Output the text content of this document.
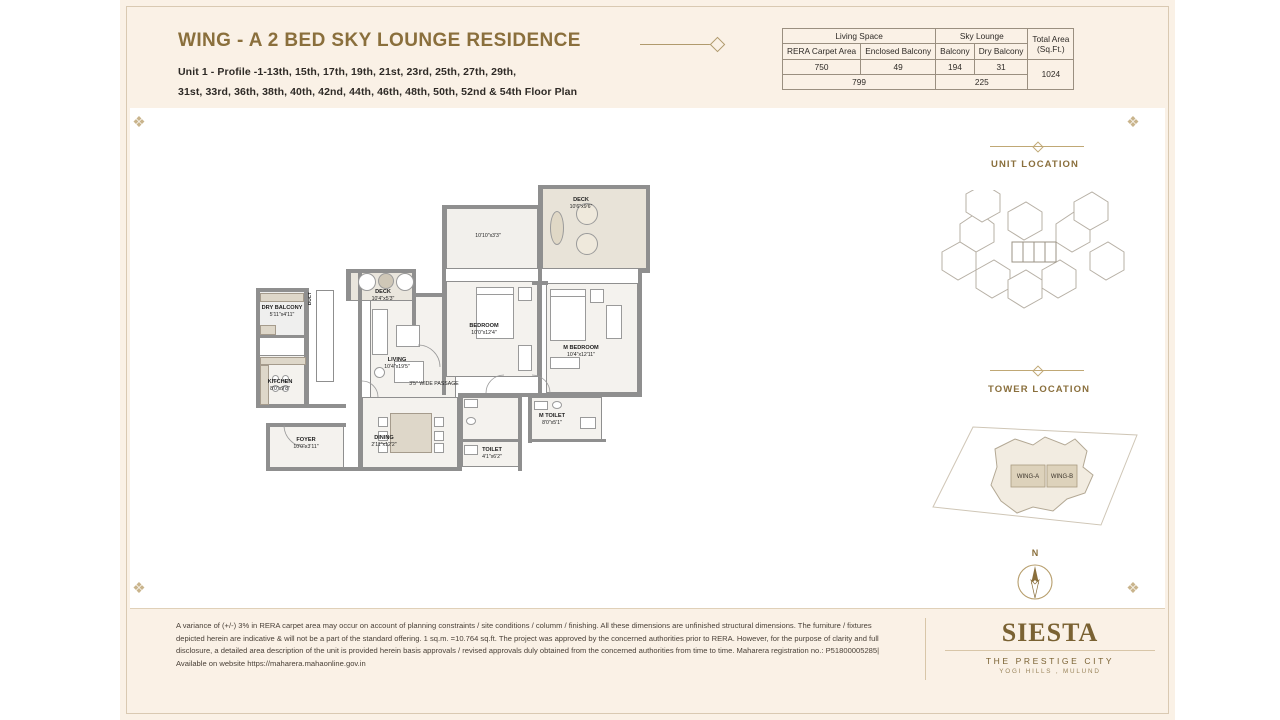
WING - A 2 BED SKY LOUNGE RESIDENCE
Unit 1 - Profile -1-13th, 15th, 17th, 19th, 21st, 23rd, 25th, 27th, 29th,
31st, 33rd, 36th, 38th, 40th, 42nd, 44th, 46th, 48th, 50th, 52nd & 54th Floor Plan
Living Space		Sky Lounge		Total Area
(Sq.Ft.)
RERA Carpet Area	Enclosed Balcony	Balcony	Dry Balcony	
750	49	194	31	1024
799		225		
❖	❖
❖	❖
UNIT LOCATION
TOWER LOCATION
WING-A WING-B
N
DRY BALCONY
5'11"x4'11"
KITCHEN
8'0"x9'8"
FOYER
10'0"x3'11"
LIVING
10'4"x19'5"
DINING
2'11"x12'2"
DECK
10'4"x5'3"
BEDROOM
10'0"x12'4"
M BEDROOM
10'4"x12'11"
DECK
10'6"x9'6"
M TOILET
8'0"x5'1"
TOILET
4'1"x6'2"
DUCT
3'5" WIDE PASSAGE
10'10"x3'3"
A variance of (+/-) 3% in RERA carpet area may occur on account of planning constraints / site conditions / columm / finishing. All these dimensions are unfinished structural dimensions. The furniture / fixtures depicted herein are indicative & will not be a part of the standard offering. 1 sq.m. =10.764 sq.ft. The project was approved by the concerned authorities prior to RERA. However, for the purpose of clarity and full disclosure, a detailed area description of the unit is provided herein basis approvals / revised approvals duly obtained from the concerned authorities from time to time. Maharera registration no.: P51800005285| Available on website https://maharera.mahaonline.gov.in
SIESTA
THE PRESTIGE CITY
YOGI HILLS , MULUND
